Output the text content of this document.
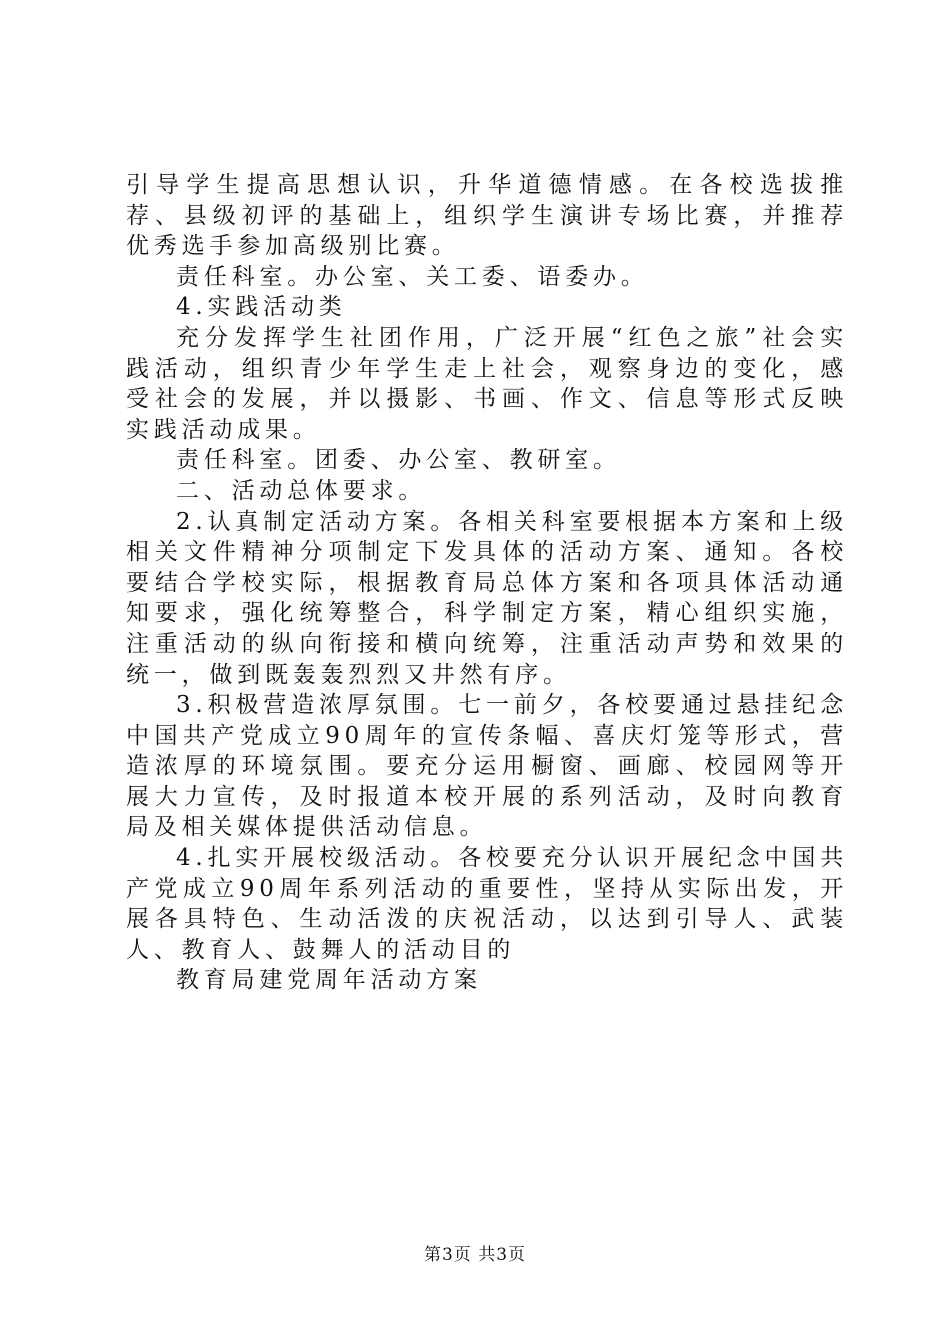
引导学生提高思想认识，升华道德情感。在各校选拔推荐、县级初评的基础上，组织学生演讲专场比赛，并推荐优秀选手参加高级别比赛。

责任科室。办公室、关工委、语委办。

4.实践活动类

充分发挥学生社团作用，广泛开展“红色之旅”社会实践活动，组织青少年学生走上社会，观察身边的变化，感受社会的发展，并以摄影、书画、作文、信息等形式反映实践活动成果。

责任科室。团委、办公室、教研室。

二、活动总体要求。

2.认真制定活动方案。各相关科室要根据本方案和上级相关文件精神分项制定下发具体的活动方案、通知。各校要结合学校实际，根据教育局总体方案和各项具体活动通知要求，强化统筹整合，科学制定方案，精心组织实施，注重活动的纵向衔接和横向统筹，注重活动声势和效果的统一，做到既轰轰烈烈又井然有序。

3.积极营造浓厚氛围。七一前夕，各校要通过悬挂纪念中国共产党成立90周年的宣传条幅、喜庆灯笼等形式，营造浓厚的环境氛围。要充分运用橱窗、画廊、校园网等开展大力宣传，及时报道本校开展的系列活动，及时向教育局及相关媒体提供活动信息。

4.扎实开展校级活动。各校要充分认识开展纪念中国共产党成立90周年系列活动的重要性，坚持从实际出发，开展各具特色、生动活泼的庆祝活动，以达到引导人、武装人、教育人、鼓舞人的活动目的

教育局建党周年活动方案

第3页 共3页
